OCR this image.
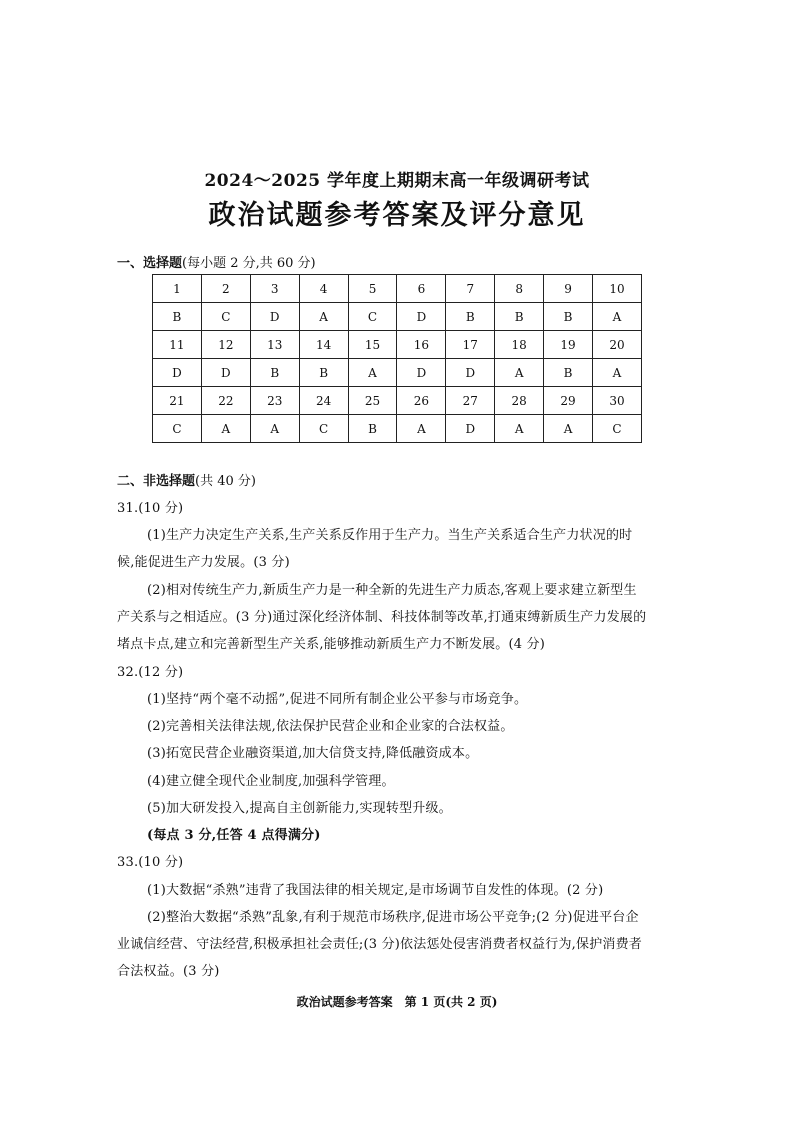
2024～2025 学年度上期期末高一年级调研考试
政治试题参考答案及评分意见
一、选择题(每小题 2 分,共 60 分)
1	2	3	4	5	6	7	8	9	10
B	C	D	A	C	D	B	B	B	A
11	12	13	14	15	16	17	18	19	20
D	D	B	B	A	D	D	A	B	A
21	22	23	24	25	26	27	28	29	30
C	A	A	C	B	A	D	A	A	C
二、非选择题(共 40 分)
31.(10 分)
(1)生产力决定生产关系,生产关系反作用于生产力。当生产关系适合生产力状况的时
候,能促进生产力发展。(3 分)
(2)相对传统生产力,新质生产力是一种全新的先进生产力质态,客观上要求建立新型生
产关系与之相适应。(3 分)通过深化经济体制、科技体制等改革,打通束缚新质生产力发展的
堵点卡点,建立和完善新型生产关系,能够推动新质生产力不断发展。(4 分)
32.(12 分)
(1)坚持“两个毫不动摇”,促进不同所有制企业公平参与市场竞争。
(2)完善相关法律法规,依法保护民营企业和企业家的合法权益。
(3)拓宽民营企业融资渠道,加大信贷支持,降低融资成本。
(4)建立健全现代企业制度,加强科学管理。
(5)加大研发投入,提高自主创新能力,实现转型升级。
(每点 3 分,任答 4 点得满分)
33.(10 分)
(1)大数据“杀熟”违背了我国法律的相关规定,是市场调节自发性的体现。(2 分)
(2)整治大数据“杀熟”乱象,有利于规范市场秩序,促进市场公平竞争;(2 分)促进平台企
业诚信经营、守法经营,积极承担社会责任;(3 分)依法惩处侵害消费者权益行为,保护消费者
合法权益。(3 分)
政治试题参考答案　第 1 页(共 2 页)
